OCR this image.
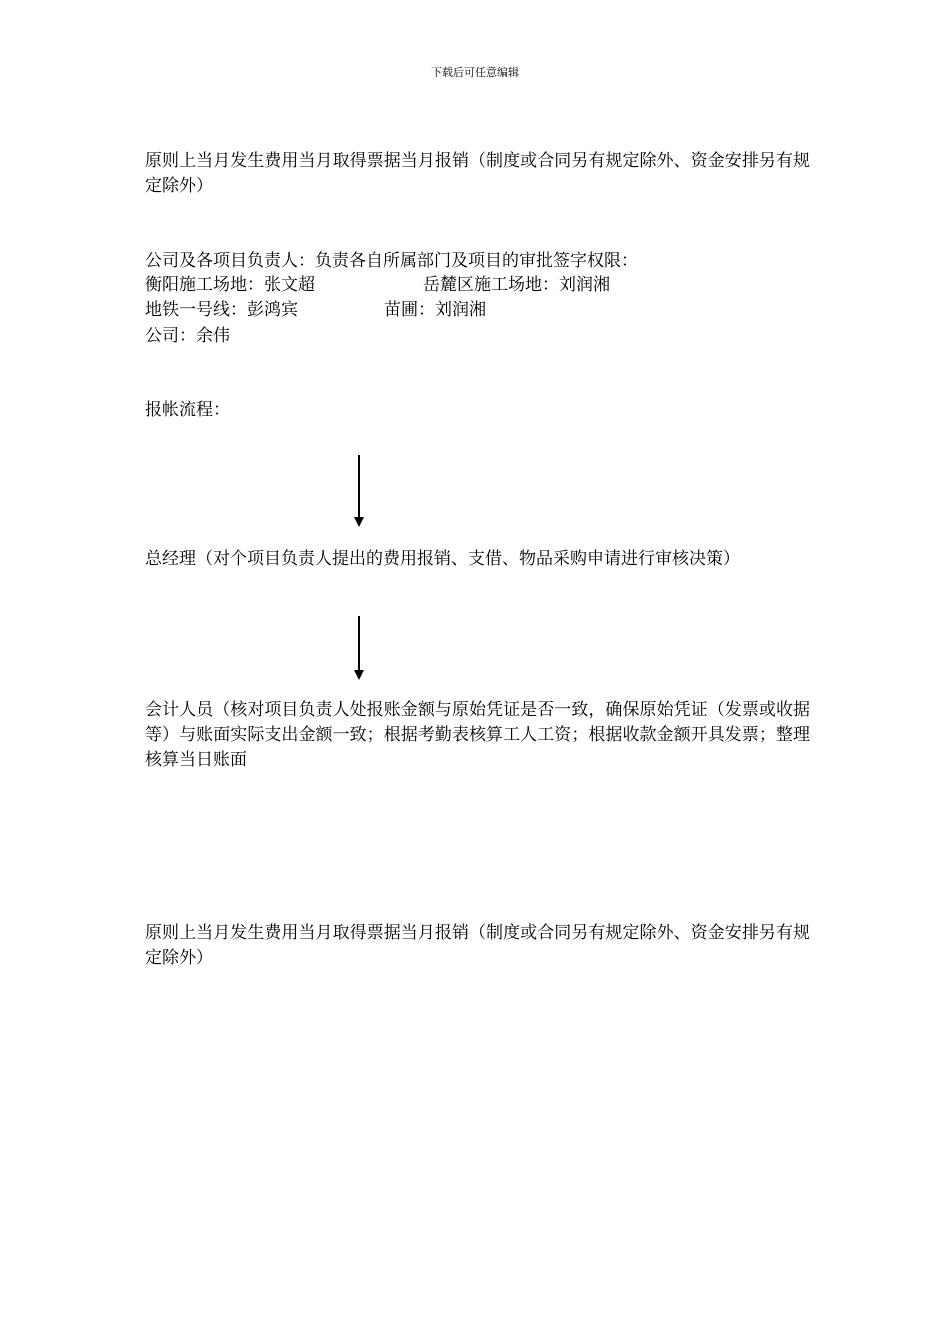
下载后可任意编辑

原则上当月发生费用当月取得票据当月报销（制度或合同另有规定除外、资金安排另有规定除外）

公司及各项目负责人：负责各自所属部门及项目的审批签字权限：
衡阳施工场地：张文超	岳麓区施工场地：刘润湘
地铁一号线：彭鸿宾	苗圃：刘润湘
公司：余伟
报帐流程：

总经理（对个项目负责人提出的费用报销、支借、物品采购申请进行审核决策）

会计人员（核对项目负责人处报账金额与原始凭证是否一致，确保原始凭证（发票或收据等）与账面实际支出金额一致；根据考勤表核算工人工资；根据收款金额开具发票；整理核算当日账面

原则上当月发生费用当月取得票据当月报销（制度或合同另有规定除外、资金安排另有规定除外）
